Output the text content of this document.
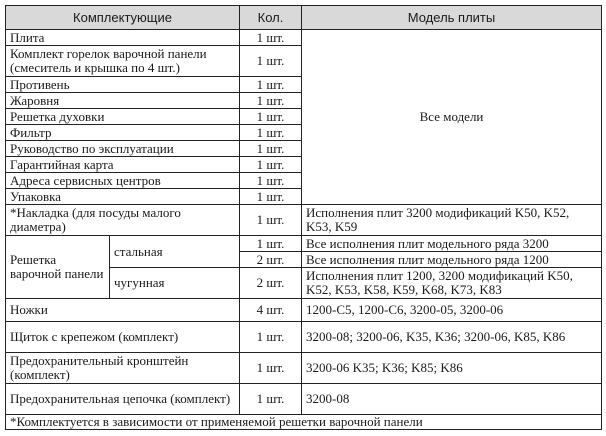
Комплектующие		Кол.	Модель плиты
Плита		1 шт.	Все модели
Комплект горелок варочной панели (смеситель и крышка по 4 шт.)		1 шт.	
Противень		1 шт.	
Жаровня		1 шт.	
Решетка духовки		1 шт.	
Фильтр		1 шт.	
Руководство по эксплуатации		1 шт.	
Гарантийная карта		1 шт.	
Адреса сервисных центров		1 шт.	
Упаковка		1 шт.	
*Накладка (для посуды малого диаметра)		1 шт.	Исполнения плит 3200 модификаций K50, K52, K53, K59
Решетка варочной панели	стальная	1 шт.	Все исполнения плит модельного ряда 3200
		2 шт.	Все исполнения плит модельного ряда 1200
	чугунная	2 шт.	Исполнения плит 1200, 3200 модификаций K50, K52, K53, K58, K59, K68, K73, K83
Ножки		4 шт.	1200-C5, 1200-C6, 3200-05, 3200-06
Щиток с крепежом (комплект)		1 шт.	3200-08; 3200-06, K35, K36; 3200-06, K85, K86
Предохранительный кронштейн (комплект)		1 шт.	3200-06 K35; K36; K85; K86
Предохранительная цепочка (комплект)		1 шт.	3200-08
*Комплектуется в зависимости от применяемой решетки варочной панели			
